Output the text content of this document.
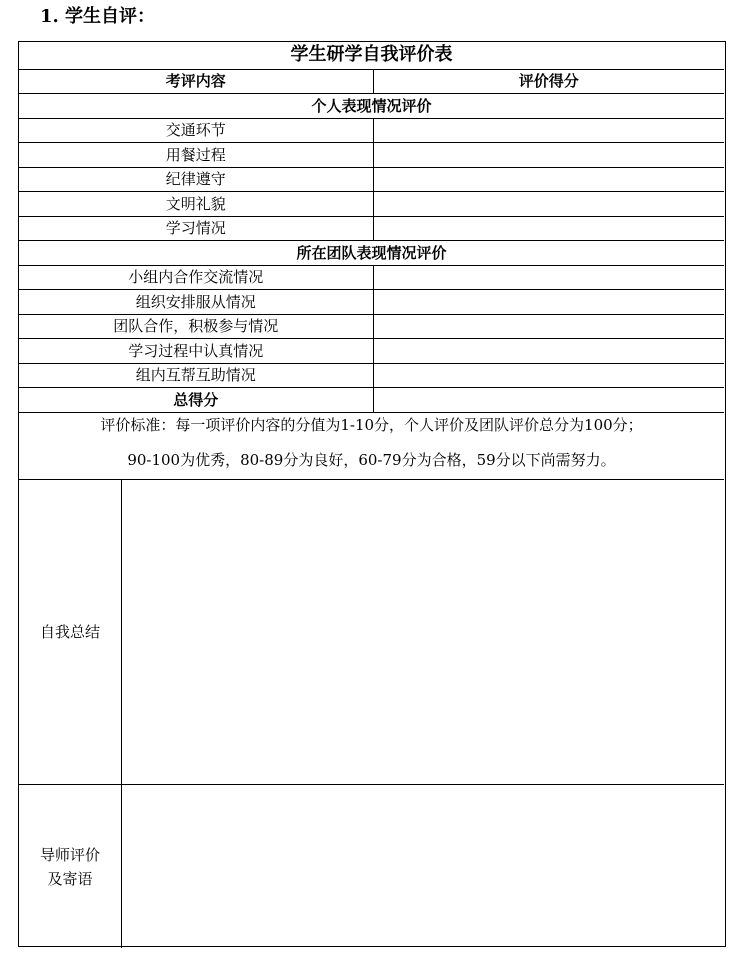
1. 学生自评：
学生研学自我评价表	
考评内容	评价得分
个人表现情况评价	
交通环节	
用餐过程	
纪律遵守	
文明礼貌	
学习情况	
所在团队表现情况评价	
小组内合作交流情况	
组织安排服从情况	
团队合作，积极参与情况	
学习过程中认真情况	
组内互帮互助情况	
总得分	
评价标准：每一项评价内容的分值为1-10分，个人评价及团队评价总分为100分；
90-100为优秀，80-89分为良好，60-79分为合格，59分以下尚需努力。
自我总结
导师评价及寄语
